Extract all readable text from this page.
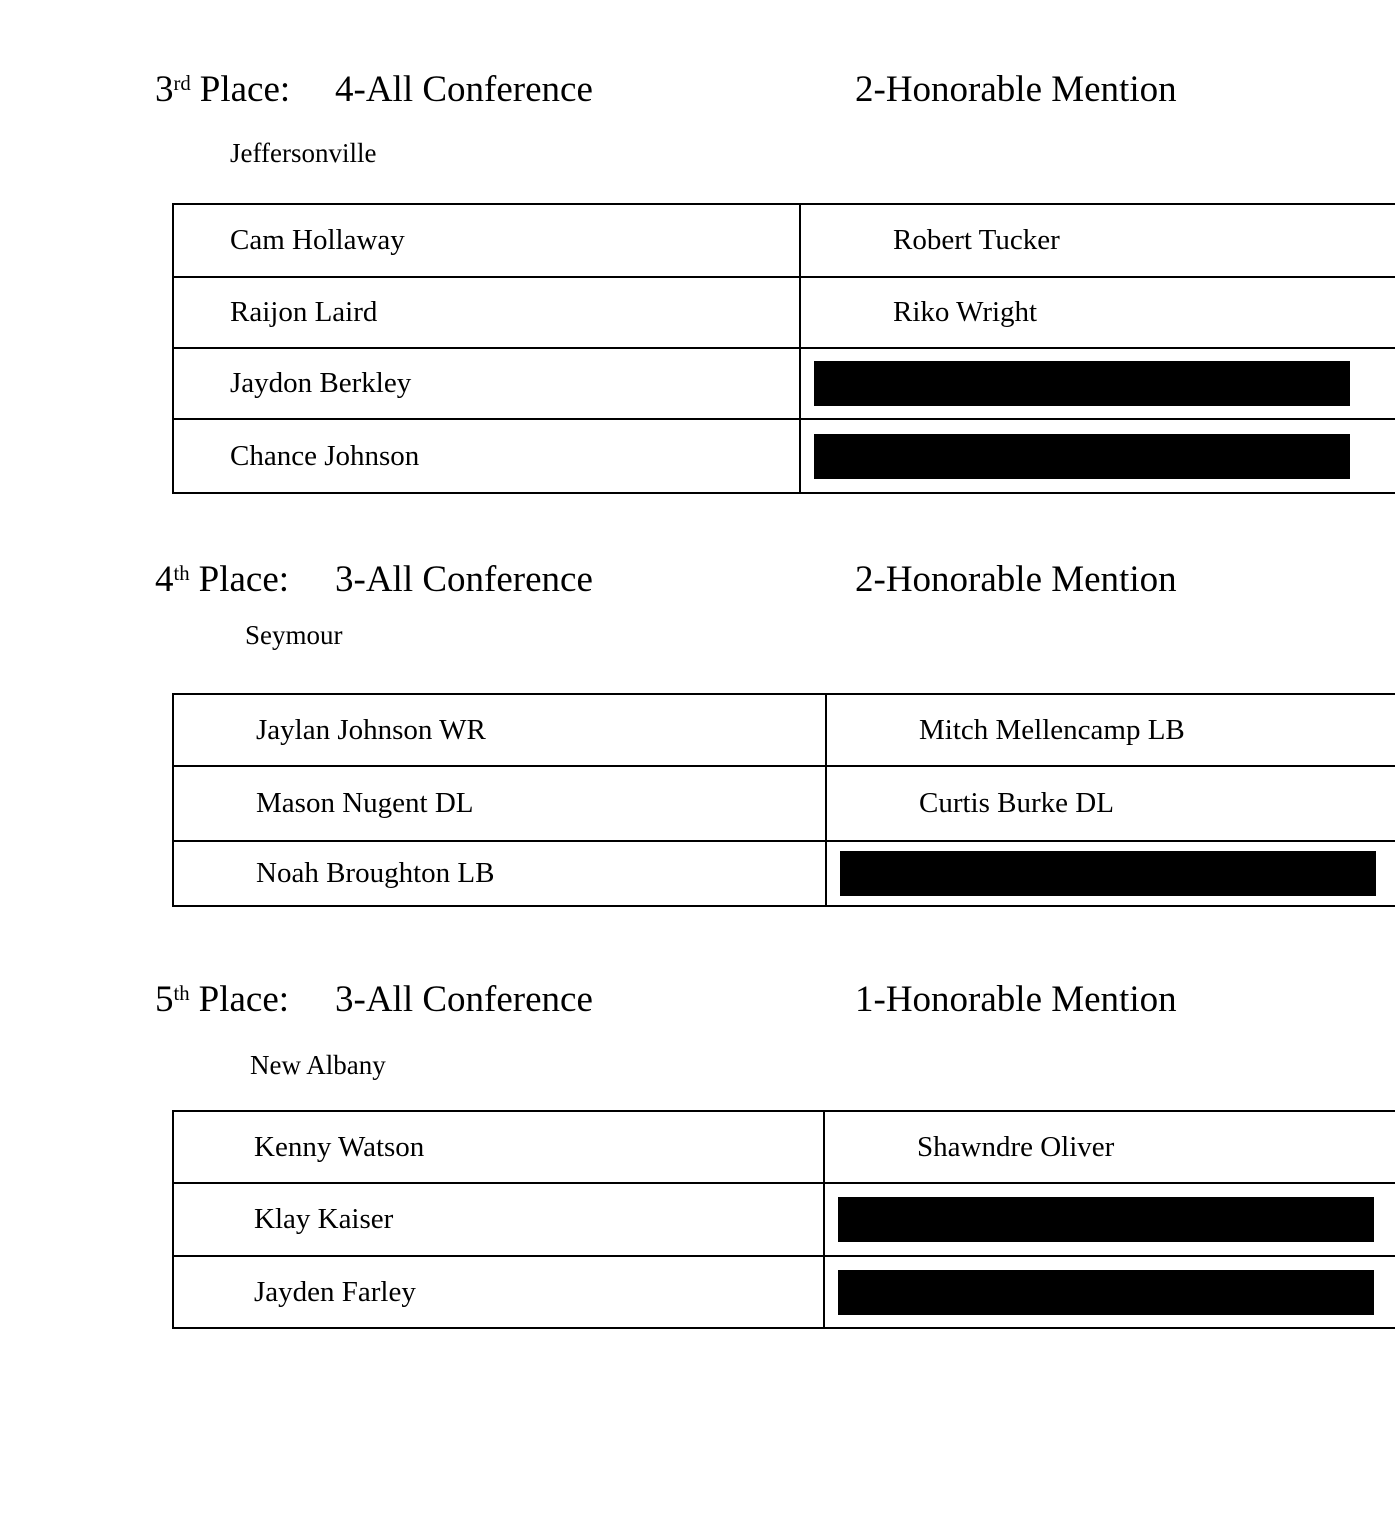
3rd Place: 4-All Conference	2-Honorable Mention
Jeffersonville
Cam Hollaway	Robert Tucker
Raijon Laird	Riko Wright
Jaydon Berkley	

Chance Johnson	
4th Place: 3-All Conference	2-Honorable Mention
Seymour
Jaylan Johnson WR	Mitch Mellencamp LB
Mason Nugent DL	Curtis Burke DL
Noah Broughton LB	
5th Place: 3-All Conference	1-Honorable Mention
New Albany
Kenny Watson	Shawndre Oliver
Klay Kaiser	

Jayden Farley	
